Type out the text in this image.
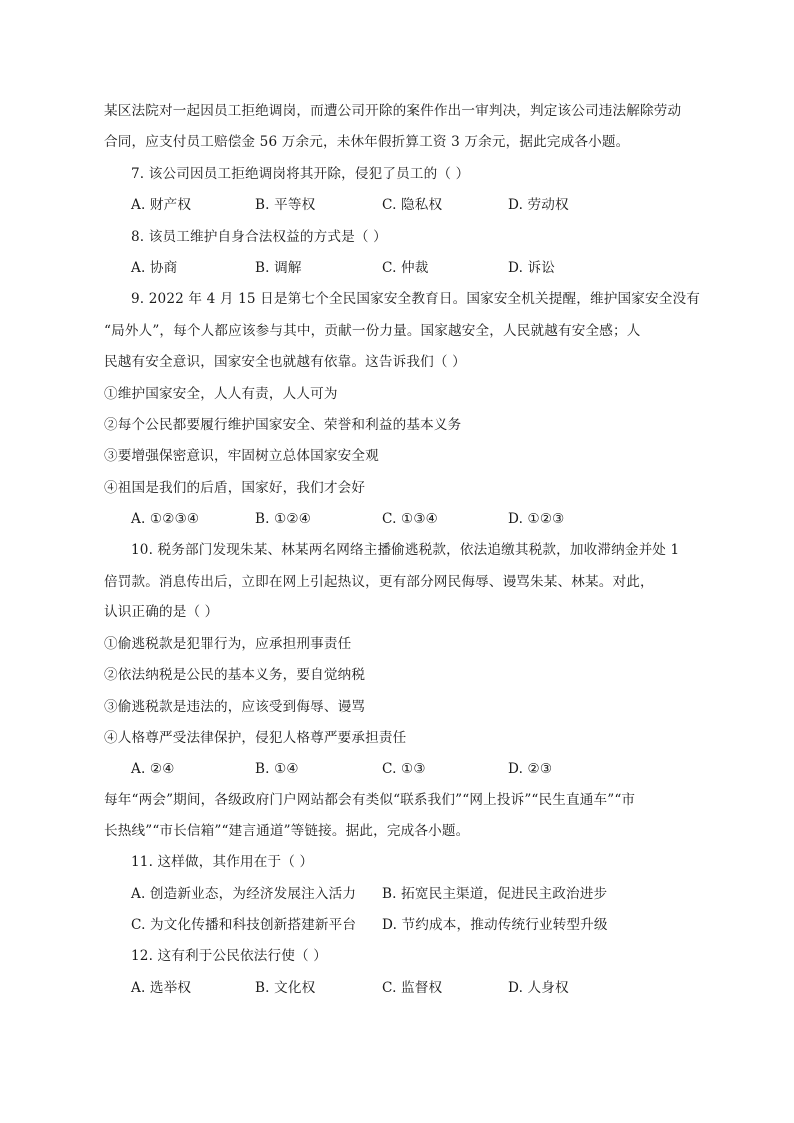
某区法院对一起因员工拒绝调岗，而遭公司开除的案件作出一审判决，判定该公司违法解除劳动
合同，应支付员工赔偿金 56 万余元，未休年假折算工资 3 万余元，据此完成各小题。
7. 该公司因员工拒绝调岗将其开除，侵犯了员工的（ ）
A. 财产权	B. 平等权	C. 隐私权	D. 劳动权
8. 该员工维护自身合法权益的方式是（ ）
A. 协商	B. 调解	C. 仲裁	D. 诉讼
9. 2022 年 4 月 15 日是第七个全民国家安全教育日。国家安全机关提醒，维护国家安全没有
“局外人”，每个人都应该参与其中，贡献一份力量。国家越安全，人民就越有安全感；人
民越有安全意识，国家安全也就越有依靠。这告诉我们（ ）
①维护国家安全，人人有责，人人可为
②每个公民都要履行维护国家安全、荣誉和利益的基本义务
③要增强保密意识，牢固树立总体国家安全观
④祖国是我们的后盾，国家好，我们才会好
A. ①②③④	B. ①②④	C. ①③④	D. ①②③
10. 税务部门发现朱某、林某两名网络主播偷逃税款，依法追缴其税款，加收滞纳金并处 1
倍罚款。消息传出后，立即在网上引起热议，更有部分网民侮辱、谩骂朱某、林某。对此，
认识正确的是（ ）
①偷逃税款是犯罪行为，应承担刑事责任
②依法纳税是公民的基本义务，要自觉纳税
③偷逃税款是违法的，应该受到侮辱、谩骂
④人格尊严受法律保护，侵犯人格尊严要承担责任
A. ②④	B. ①④	C. ①③	D. ②③
每年“两会”期间，各级政府门户网站都会有类似“联系我们”“网上投诉”“民生直通车”“市
长热线”“市长信箱”“建言通道”等链接。据此，完成各小题。
11. 这样做，其作用在于（ ）
A. 创造新业态，为经济发展注入活力 B. 拓宽民主渠道，促进民主政治进步
C. 为文化传播和科技创新搭建新平台 D. 节约成本，推动传统行业转型升级
12. 这有利于公民依法行使（ ）
A. 选举权	B. 文化权	C. 监督权	D. 人身权
